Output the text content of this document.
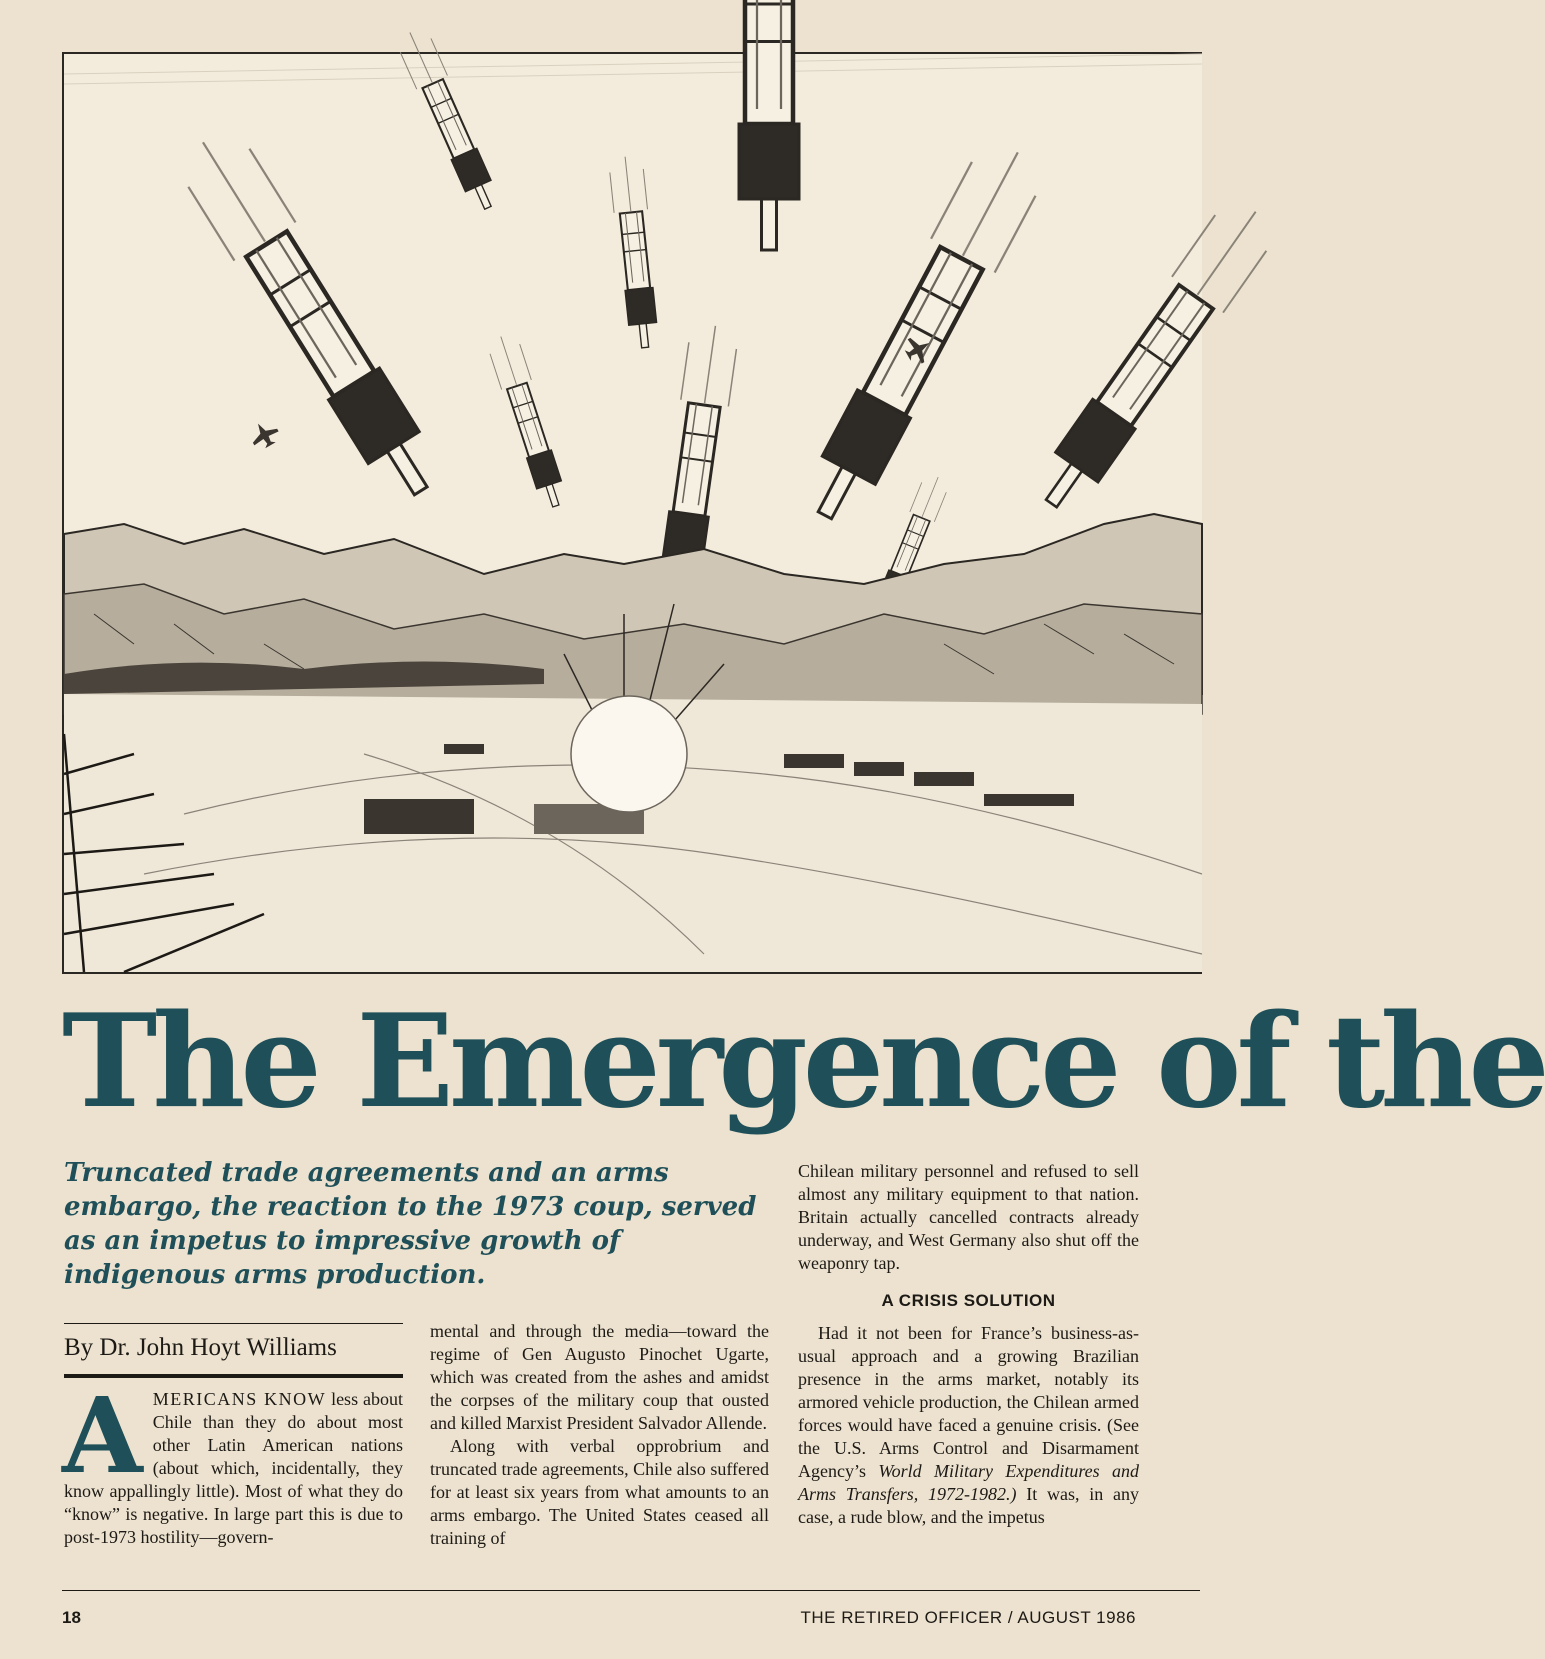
The Emergence of the
Truncated trade agreements and an arms embargo, the reaction to the 1973 coup, served as an impetus to impressive growth of indigenous arms production.
By Dr. John Hoyt Williams

AMERICANS KNOW less about Chile than they do about most other Latin American nations (about which, incidentally, they know appallingly little). Most of what they do “know” is negative. In large part this is due to post-1973 hostility—govern-

mental and through the media—toward the regime of Gen Augusto Pinochet Ugarte, which was created from the ashes and amidst the corpses of the military coup that ousted and killed Marxist President Salvador Allende.

Along with verbal opprobrium and truncated trade agreements, Chile also suffered for at least six years from what amounts to an arms embargo. The United States ceased all training of

Chilean military personnel and refused to sell almost any military equipment to that nation. Britain actually cancelled contracts already underway, and West Germany also shut off the weaponry tap.

A CRISIS SOLUTION

Had it not been for France’s business-as-usual approach and a growing Brazilian presence in the arms market, notably its armored vehicle production, the Chilean armed forces would have faced a genuine crisis. (See the U.S. Arms Control and Disarmament Agency’s World Military Expenditures and Arms Transfers, 1972-1982.) It was, in any case, a rude blow, and the impetus

18	THE RETIRED OFFICER / AUGUST 1986
